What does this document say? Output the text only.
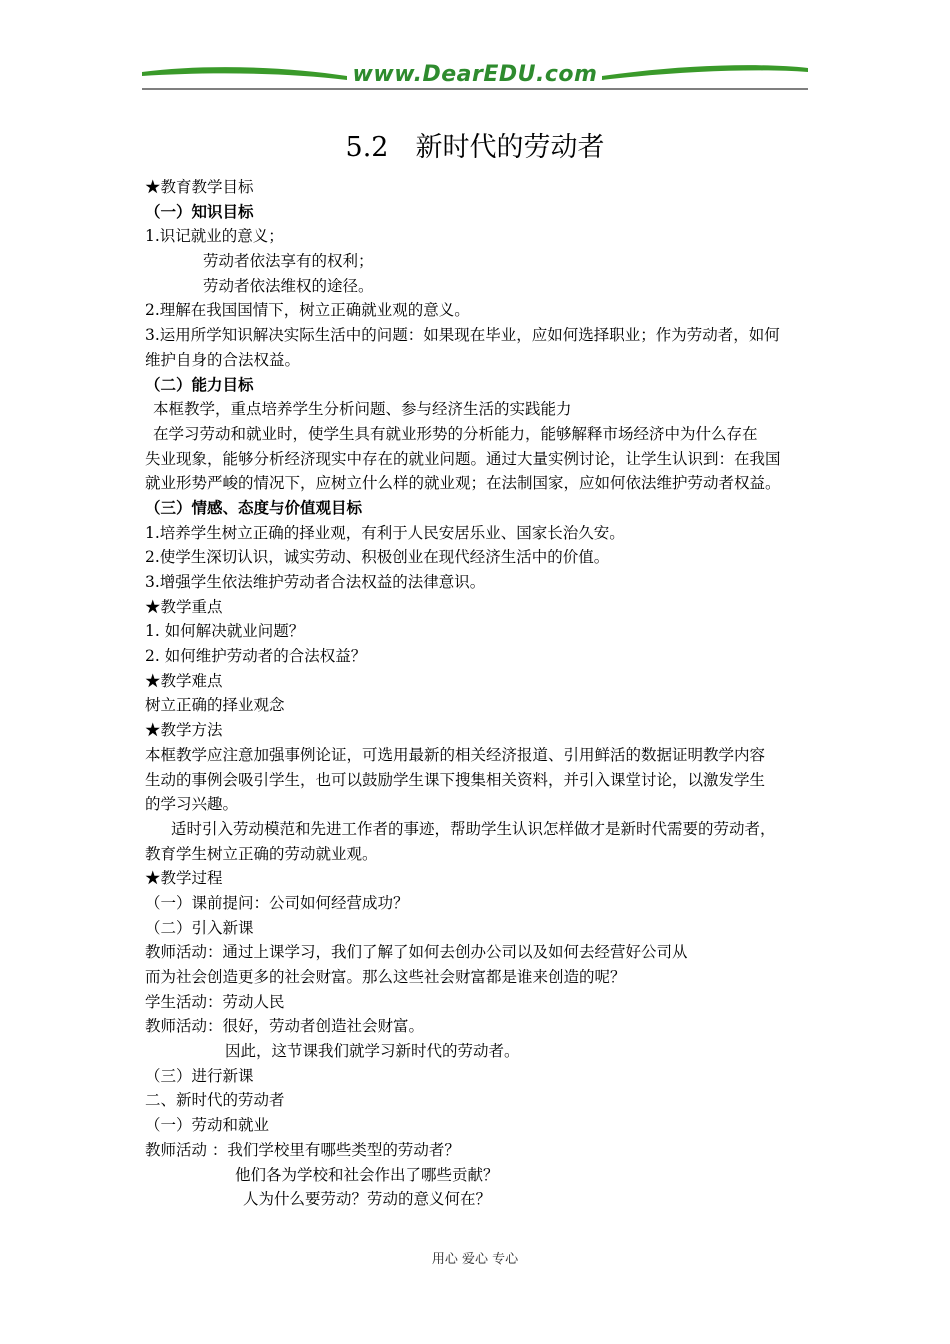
www.DearEDU.com
5.2　新时代的劳动者
★教育教学目标
（一）知识目标
1.识记就业的意义；
劳动者依法享有的权利；
劳动者依法维权的途径。
2.理解在我国国情下，树立正确就业观的意义。
3.运用所学知识解决实际生活中的问题：如果现在毕业，应如何选择职业；作为劳动者，如何
维护自身的合法权益。
（二）能力目标
本框教学，重点培养学生分析问题、参与经济生活的实践能力
在学习劳动和就业时，使学生具有就业形势的分析能力，能够解释市场经济中为什么存在
失业现象，能够分析经济现实中存在的就业问题。通过大量实例讨论，让学生认识到：在我国
就业形势严峻的情况下，应树立什么样的就业观；在法制国家，应如何依法维护劳动者权益。
（三）情感、态度与价值观目标
1.培养学生树立正确的择业观，有利于人民安居乐业、国家长治久安。
2.使学生深切认识，诚实劳动、积极创业在现代经济生活中的价值。
3.增强学生依法维护劳动者合法权益的法律意识。
★教学重点
1. 如何解决就业问题？
2. 如何维护劳动者的合法权益？
★教学难点
树立正确的择业观念
★教学方法
本框教学应注意加强事例论证，可选用最新的相关经济报道、引用鲜活的数据证明教学内容
生动的事例会吸引学生，也可以鼓励学生课下搜集相关资料，并引入课堂讨论，以激发学生
的学习兴趣。
适时引入劳动模范和先进工作者的事迹，帮助学生认识怎样做才是新时代需要的劳动者，
教育学生树立正确的劳动就业观。
★教学过程
（一）课前提问：公司如何经营成功？
（二）引入新课
教师活动：通过上课学习，我们了解了如何去创办公司以及如何去经营好公司从
而为社会创造更多的社会财富。那么这些社会财富都是谁来创造的呢？
学生活动：劳动人民
教师活动：很好，劳动者创造社会财富。
因此，这节课我们就学习新时代的劳动者。
（三）进行新课
二、新时代的劳动者
（一）劳动和就业
教师活动 ：我们学校里有哪些类型的劳动者？
他们各为学校和社会作出了哪些贡献？
人为什么要劳动？劳动的意义何在？
用心 爱心 专心
